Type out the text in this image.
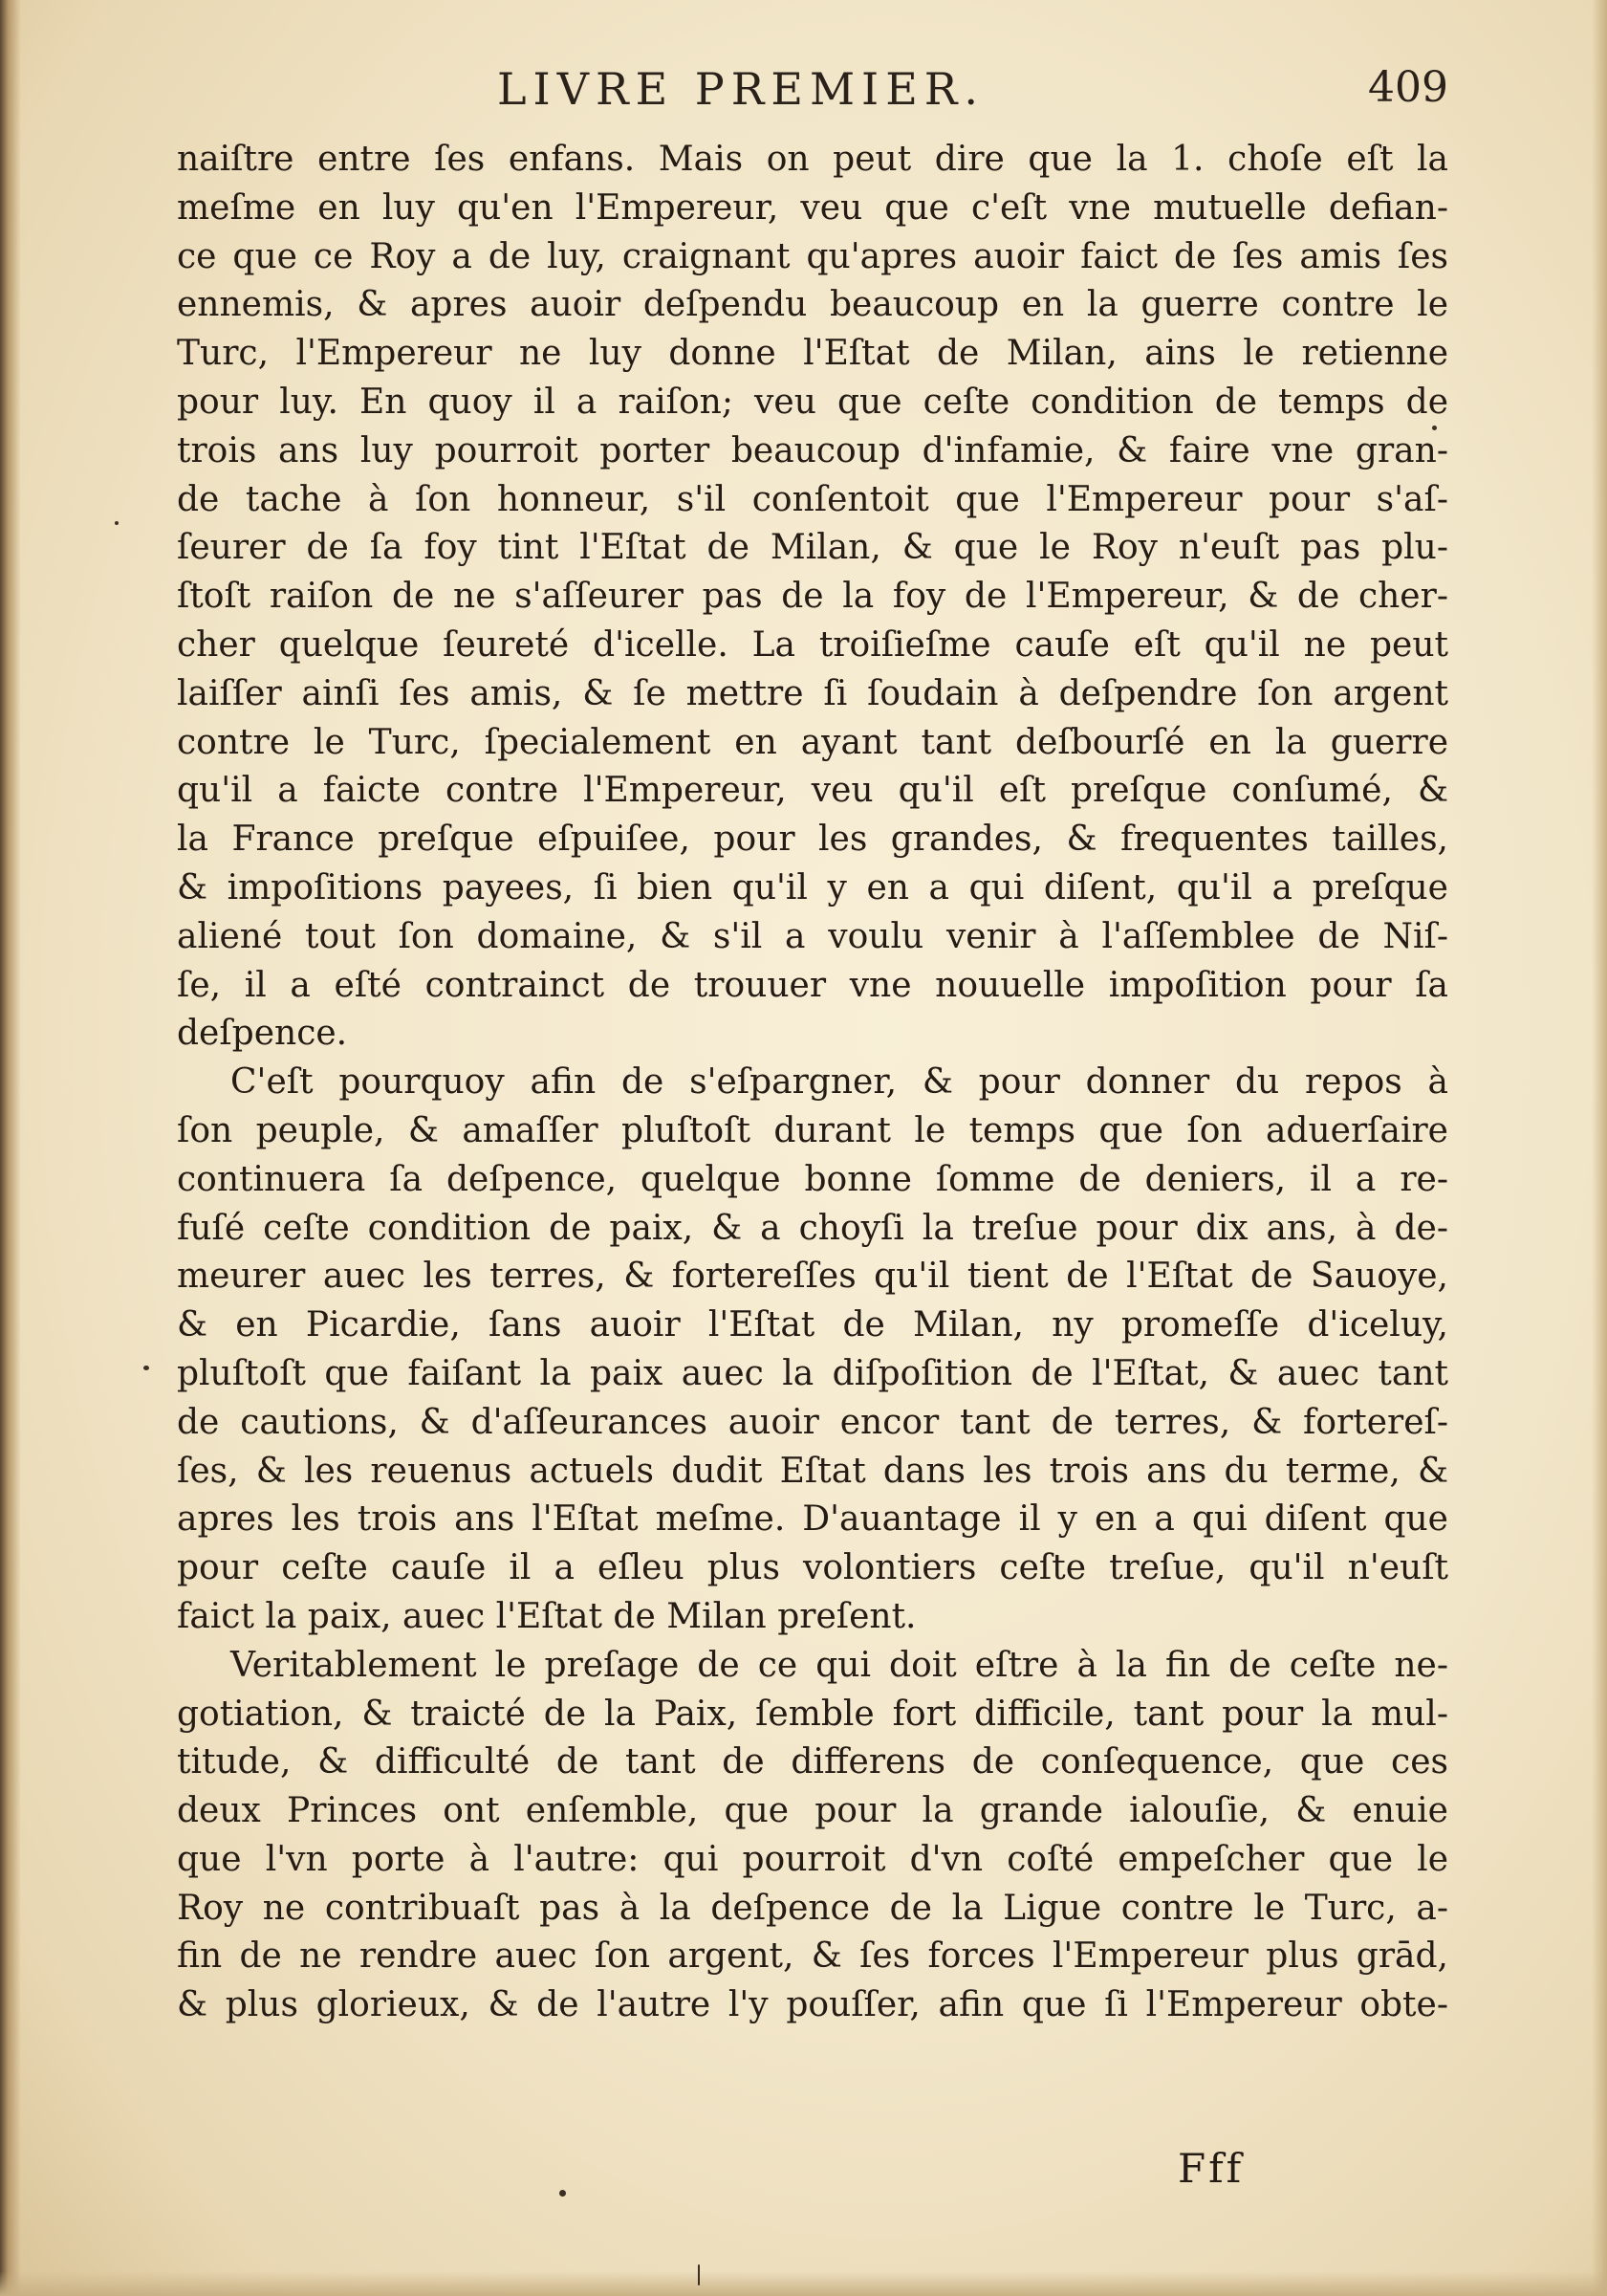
LIVRE PREMIER.	409
naiſtre entre ſes enfans. Mais on peut dire que la 1. choſe eſt la
meſme en luy qu'en l'Empereur, veu que c'eſt vne mutuelle defian-
ce que ce Roy a de luy, craignant qu'apres auoir faict de ſes amis ſes
ennemis, & apres auoir deſpendu beaucoup en la guerre contre le
Turc, l'Empereur ne luy donne l'Eſtat de Milan, ains le retienne
pour luy. En quoy il a raiſon; veu que ceſte condition de temps de
trois ans luy pourroit porter beaucoup d'infamie, & faire vne gran-
de tache à ſon honneur, s'il conſentoit que l'Empereur pour s'aſ-
ſeurer de ſa foy tint l'Eſtat de Milan, & que le Roy n'euſt pas plu-
ſtoſt raiſon de ne s'aſſeurer pas de la foy de l'Empereur, & de cher-
cher quelque ſeureté d'icelle. La troiſieſme cauſe eſt qu'il ne peut
laiſſer ainſi ſes amis, & ſe mettre ſi ſoudain à deſpendre ſon argent
contre le Turc, ſpecialement en ayant tant deſbourſé en la guerre
qu'il a faicte contre l'Empereur, veu qu'il eſt preſque conſumé, &
la France preſque eſpuiſee, pour les grandes, & frequentes tailles,
& impoſitions payees, ſi bien qu'il y en a qui diſent, qu'il a preſque
aliené tout ſon domaine, & s'il a voulu venir à l'aſſemblee de Niſ-
ſe, il a eſté contrainct de trouuer vne nouuelle impoſition pour ſa
deſpence.
C'eſt pourquoy afin de s'eſpargner, & pour donner du repos à
ſon peuple, & amaſſer pluſtoſt durant le temps que ſon aduerſaire
continuera ſa deſpence, quelque bonne ſomme de deniers, il a re-
fuſé ceſte condition de paix, & a choyſi la treſue pour dix ans, à de-
meurer auec les terres, & fortereſſes qu'il tient de l'Eſtat de Sauoye,
& en Picardie, ſans auoir l'Eſtat de Milan, ny promeſſe d'iceluy,
pluſtoſt que faiſant la paix auec la diſpoſition de l'Eſtat, & auec tant
de cautions, & d'aſſeurances auoir encor tant de terres, & fortereſ-
ſes, & les reuenus actuels dudit Eſtat dans les trois ans du terme, &
apres les trois ans l'Eſtat meſme. D'auantage il y en a qui diſent que
pour ceſte cauſe il a eſleu plus volontiers ceſte treſue, qu'il n'euſt
faict la paix, auec l'Eſtat de Milan preſent.
Veritablement le preſage de ce qui doit eſtre à la fin de ceſte ne-
gotiation, & traicté de la Paix, ſemble fort difficile, tant pour la mul-
titude, & difficulté de tant de differens de conſequence, que ces
deux Princes ont enſemble, que pour la grande ialouſie, & enuie
que l'vn porte à l'autre: qui pourroit d'vn coſté empeſcher que le
Roy ne contribuaſt pas à la deſpence de la Ligue contre le Turc, a-
fin de ne rendre auec ſon argent, & ſes forces l'Empereur plus grād,
& plus glorieux, & de l'autre l'y pouſſer, afin que ſi l'Empereur obte-
Fff
